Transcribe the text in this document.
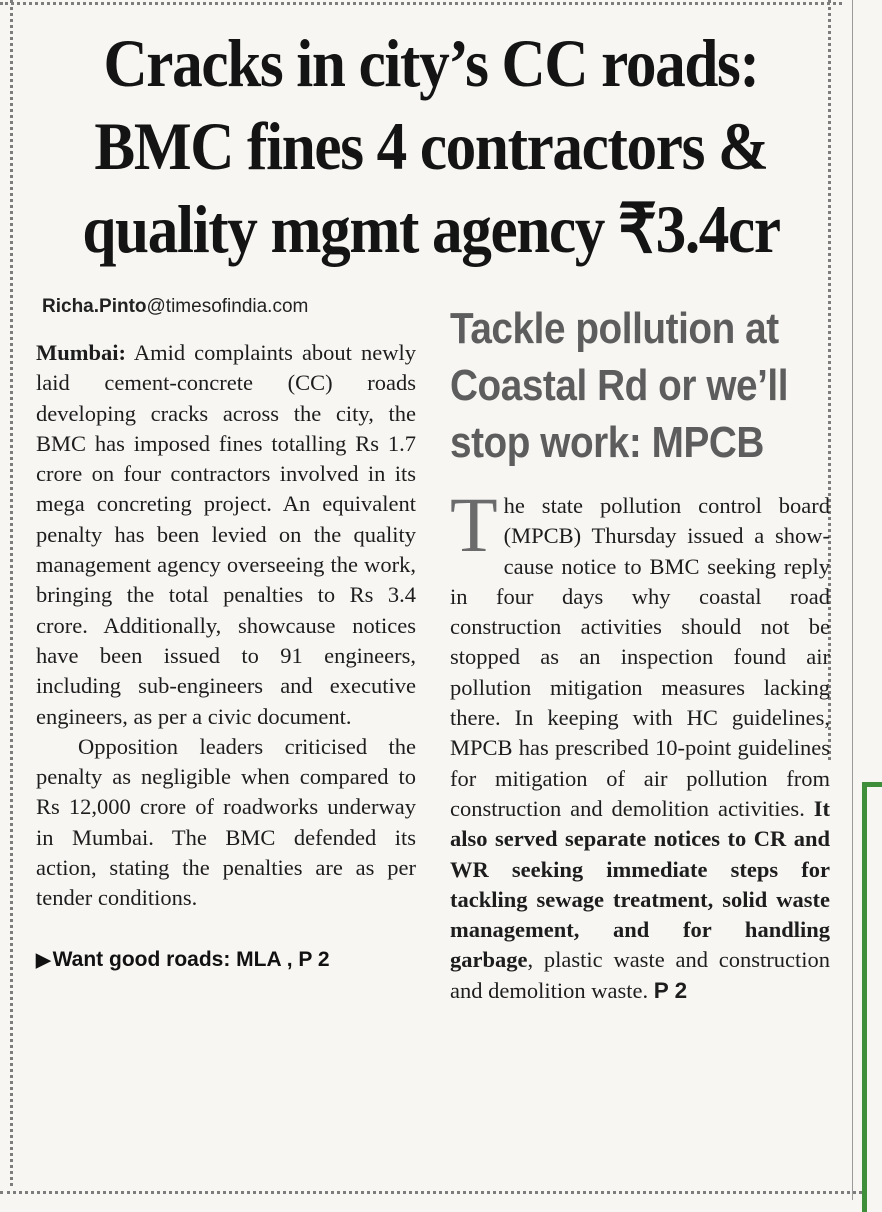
Cracks in city’s CC roads: BMC fines 4 contractors & quality mgmt agency ₹3.4cr

Richa.Pinto@timesofindia.com

Mumbai: Amid complaints about newly laid cement-concrete (CC) roads developing cracks across the city, the BMC has imposed fines totalling Rs 1.7 crore on four contractors involved in its mega concreting project. An equivalent penalty has been levied on the quality management agency overseeing the work, bringing the total penalties to Rs 3.4 crore. Additionally, showcause notices have been issued to 91 engineers, including sub-engineers and executive engineers, as per a civic document.

Opposition leaders criticised the penalty as negligible when compared to Rs 12,000 crore of roadworks underway in Mumbai. The BMC defended its action, stating the penalties are as per tender conditions.

▶Want good roads: MLA , P 2
Tackle pollution at Coastal Rd or we’ll stop work: MPCB

The state pollution control board (MPCB) Thursday issued a show-cause notice to BMC seeking reply in four days why coastal road construction activities should not be stopped as an inspection found air pollution mitigation measures lacking there. In keeping with HC guidelines, MPCB has prescribed 10-point guidelines for mitigation of air pollution from construction and demolition activities. It also served separate notices to CR and WR seeking immediate steps for tackling sewage treatment, solid waste management, and for handling garbage, plastic waste and construction and demolition waste. P 2
